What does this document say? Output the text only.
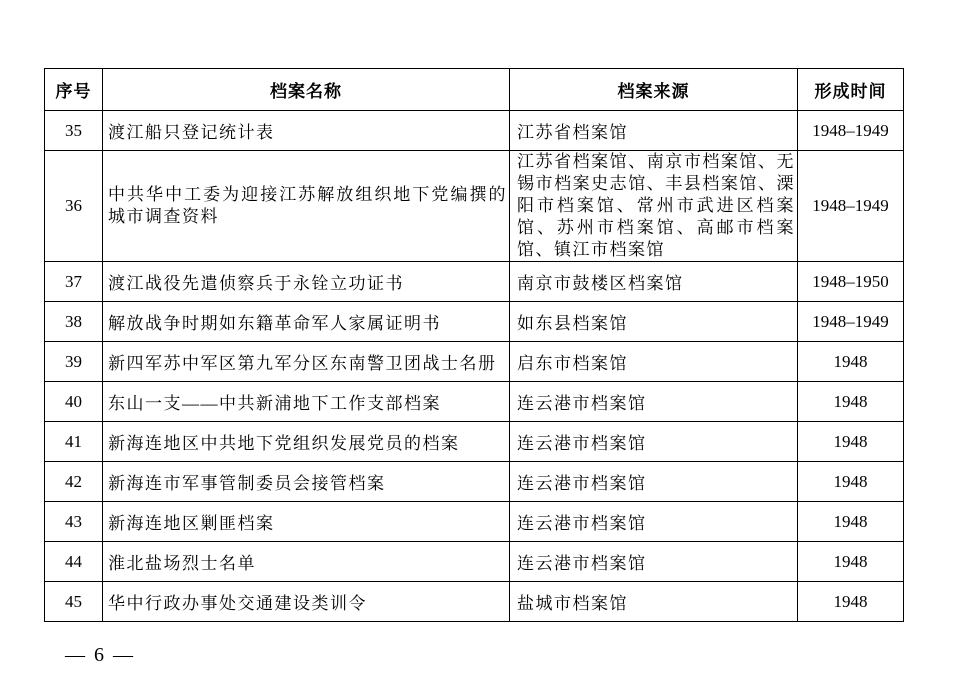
序号	档案名称	档案来源	形成时间
35	渡江船只登记统计表	江苏省档案馆	1948–1949
36	中共华中工委为迎接江苏解放组织地下党编撰的城市调查资料	江苏省档案馆、南京市档案馆、无锡市档案史志馆、丰县档案馆、溧阳市档案馆、常州市武进区档案馆、苏州市档案馆、高邮市档案馆、镇江市档案馆	1948–1949
37	渡江战役先遣侦察兵于永铨立功证书	南京市鼓楼区档案馆	1948–1950
38	解放战争时期如东籍革命军人家属证明书	如东县档案馆	1948–1949
39	新四军苏中军区第九军分区东南警卫团战士名册	启东市档案馆	1948
40	东山一支——中共新浦地下工作支部档案	连云港市档案馆	1948
41	新海连地区中共地下党组织发展党员的档案	连云港市档案馆	1948
42	新海连市军事管制委员会接管档案	连云港市档案馆	1948
43	新海连地区剿匪档案	连云港市档案馆	1948
44	淮北盐场烈士名单	连云港市档案馆	1948
45	华中行政办事处交通建设类训令	盐城市档案馆	1948
— 6 —
